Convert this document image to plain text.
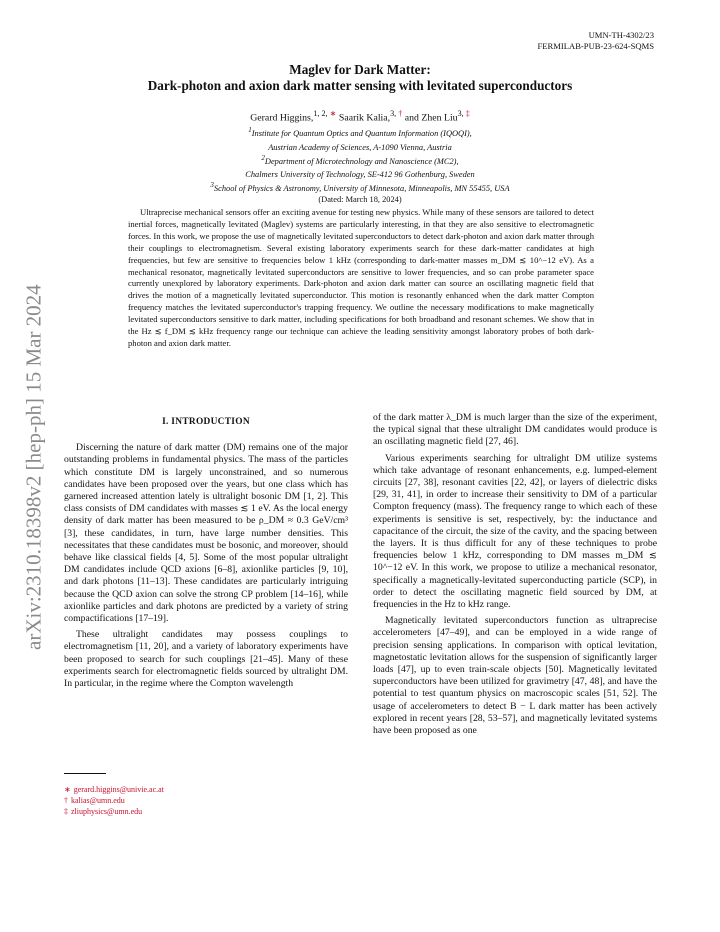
arXiv:2310.18398v2 [hep-ph] 15 Mar 2024
UMN-TH-4302/23
FERMILAB-PUB-23-624-SQMS
Maglev for Dark Matter:
Dark-photon and axion dark matter sensing with levitated superconductors
Gerard Higgins,$^{1, 2, ∗}$ Saarik Kalia,$^{3, \dagger}$ and Zhen Liu$^{3, \ddagger}$
$^1$Institute for Quantum Optics and Quantum Information (IQOQI),
Austrian Academy of Sciences, A-1090 Vienna, Austria
$^2$Department of Microtechnology and Nanoscience (MC2),
Chalmers University of Technology, SE-412 96 Gothenburg, Sweden
$^3$School of Physics & Astronomy, University of Minnesota, Minneapolis, MN 55455, USA
(Dated: March 18, 2024)
Ultraprecise mechanical sensors offer an exciting avenue for testing new physics. While many of these sensors are tailored to detect inertial forces, magnetically levitated (Maglev) systems are particularly interesting, in that they are also sensitive to electromagnetic forces. In this work, we propose the use of magnetically levitated superconductors to detect dark-photon and axion dark matter through their couplings to electromagnetism. Several existing laboratory experiments search for these dark-matter candidates at high frequencies, but few are sensitive to frequencies below 1 kHz (corresponding to dark-matter masses m_DM ≲ 10^−12 eV). As a mechanical resonator, magnetically levitated superconductors are sensitive to lower frequencies, and so can probe parameter space currently unexplored by laboratory experiments. Dark-photon and axion dark matter can source an oscillating magnetic field that drives the motion of a magnetically levitated superconductor. This motion is resonantly enhanced when the dark matter Compton frequency matches the levitated superconductor's trapping frequency. We outline the necessary modifications to make magnetically levitated superconductors sensitive to dark matter, including specifications for both broadband and resonant schemes. We show that in the Hz ≲ f_DM ≲ kHz frequency range our technique can achieve the leading sensitivity amongst laboratory probes of both dark-photon and axion dark matter.
I. INTRODUCTION

Discerning the nature of dark matter (DM) remains one of the major outstanding problems in fundamental physics. The mass of the particles which constitute DM is largely unconstrained, and so numerous candidates have been proposed over the years, but one class which has garnered increased attention lately is ultralight bosonic DM [1, 2]. This class consists of DM candidates with masses ≲ 1 eV. As the local energy density of dark matter has been measured to be ρ_DM ≈ 0.3 GeV/cm³ [3], these candidates, in turn, have large number densities. This necessitates that these candidates must be bosonic, and moreover, should behave like classical fields [4, 5]. Some of the most popular ultralight DM candidates include QCD axions [6–8], axionlike particles [9, 10], and dark photons [11–13]. These candidates are particularly intriguing because the QCD axion can solve the strong CP problem [14–16], while axionlike particles and dark photons are predicted by a variety of string compactifications [17–19].

These ultralight candidates may possess couplings to electromagnetism [11, 20], and a variety of laboratory experiments have been proposed to search for such couplings [21–45]. Many of these experiments search for electromagnetic fields sourced by ultralight DM. In particular, in the regime where the Compton wavelength

of the dark matter λ_DM is much larger than the size of the experiment, the typical signal that these ultralight DM candidates would produce is an oscillating magnetic field [27, 46].

Various experiments searching for ultralight DM utilize systems which take advantage of resonant enhancements, e.g. lumped-element circuits [27, 38], resonant cavities [22, 42], or layers of dielectric disks [29, 31, 41], in order to increase their sensitivity to DM of a particular Compton frequency (mass). The frequency range to which each of these experiments is sensitive is set, respectively, by: the inductance and capacitance of the circuit, the size of the cavity, and the spacing between the layers. It is thus difficult for any of these techniques to probe frequencies below 1 kHz, corresponding to DM masses m_DM ≲ 10^−12 eV. In this work, we propose to utilize a mechanical resonator, specifically a magnetically-levitated superconducting particle (SCP), in order to detect the oscillating magnetic field sourced by DM, at frequencies in the Hz to kHz range.

Magnetically levitated superconductors function as ultraprecise accelerometers [47–49], and can be employed in a wide range of precision sensing applications. In comparison with optical levitation, magnetostatic levitation allows for the suspension of significantly larger loads [47], up to even train-scale objects [50]. Magnetically levitated superconductors have been utilized for gravimetry [47, 48], and have the potential to test quantum physics on macroscopic scales [51, 52]. The usage of accelerometers to detect B − L dark matter has been actively explored in recent years [28, 53–57], and magnetically levitated systems have been proposed as one

∗ gerard.higgins@univie.ac.at
† kalias@umn.edu
‡ zliuphysics@umn.edu
